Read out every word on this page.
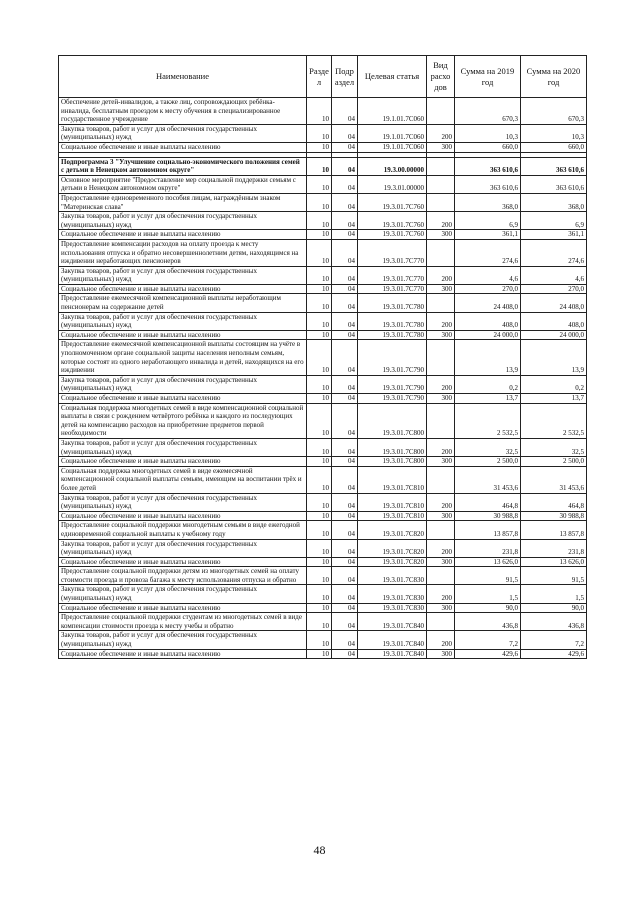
Наименование	Разде л	Подр аздел	Целевая статья	Вид расхо дов	Сумма на 2019 год	Сумма на 2020 год
Обеспечение детей-инвалидов, а также лиц, сопровождающих ребёнка-инвалида, бесплатным проездом к месту обучения в специализированное государственное учреждение	10	04	19.1.01.7С060		670,3	670,3
Закупка товаров, работ и услуг для обеспечения государственных (муниципальных) нужд	10	04	19.1.01.7С060	200	10,3	10,3
Социальное обеспечение и иные выплаты населению	10	04	19.1.01.7С060	300	660,0	660,0

Подпрограмма 3 "Улучшение социально-экономического положения семей с детьми в Ненецком автономном округе"	10	04	19.3.00.00000		363 610,6	363 610,6
Основное мероприятие "Предоставление мер социальной поддержки семьям с детьми в Ненецком автономном округе"	10	04	19.3.01.00000		363 610,6	363 610,6
Предоставление единовременного пособия лицам, награждённым знаком "Материнская слава"	10	04	19.3.01.7С760		368,0	368,0
Закупка товаров, работ и услуг для обеспечения государственных (муниципальных) нужд	10	04	19.3.01.7С760	200	6,9	6,9
Социальное обеспечение и иные выплаты населению	10	04	19.3.01.7С760	300	361,1	361,1
Предоставление компенсации расходов на оплату проезда к месту использования отпуска и обратно несовершеннолетним детям, находящимся на иждивении неработающих пенсионеров	10	04	19.3.01.7С770		274,6	274,6
Закупка товаров, работ и услуг для обеспечения государственных (муниципальных) нужд	10	04	19.3.01.7С770	200	4,6	4,6
Социальное обеспечение и иные выплаты населению	10	04	19.3.01.7С770	300	270,0	270,0
Предоставление ежемесячной компенсационной выплаты неработающим пенсионерам на содержание детей	10	04	19.3.01.7С780		24 408,0	24 408,0
Закупка товаров, работ и услуг для обеспечения государственных (муниципальных) нужд	10	04	19.3.01.7С780	200	408,0	408,0
Социальное обеспечение и иные выплаты населению	10	04	19.3.01.7С780	300	24 000,0	24 000,0
Предоставление ежемесячной компенсационной выплаты состоящим на учёте в уполномоченном органе социальной защиты населения неполным семьям, которые состоят из одного неработающего инвалида и детей, находящихся на его иждивении	10	04	19.3.01.7С790		13,9	13,9
Закупка товаров, работ и услуг для обеспечения государственных (муниципальных) нужд	10	04	19.3.01.7С790	200	0,2	0,2
Социальное обеспечение и иные выплаты населению	10	04	19.3.01.7С790	300	13,7	13,7
Социальная поддержка многодетных семей в виде компенсационной социальной выплаты в связи с рождением четвёртого ребёнка и каждого из последующих детей на компенсацию расходов на приобретение предметов первой необходимости	10	04	19.3.01.7С800		2 532,5	2 532,5
Закупка товаров, работ и услуг для обеспечения государственных (муниципальных) нужд	10	04	19.3.01.7С800	200	32,5	32,5
Социальное обеспечение и иные выплаты населению	10	04	19.3.01.7С800	300	2 500,0	2 500,0
Социальная поддержка многодетных семей в виде ежемесячной компенсационной социальной выплаты семьям, имеющим на воспитании трёх и более детей	10	04	19.3.01.7С810		31 453,6	31 453,6
Закупка товаров, работ и услуг для обеспечения государственных (муниципальных) нужд	10	04	19.3.01.7С810	200	464,8	464,8
Социальное обеспечение и иные выплаты населению	10	04	19.3.01.7С810	300	30 988,8	30 988,8
Предоставление социальной поддержки многодетным семьям в виде ежегодной единовременной социальной выплаты к учебному году	10	04	19.3.01.7С820		13 857,8	13 857,8
Закупка товаров, работ и услуг для обеспечения государственных (муниципальных) нужд	10	04	19.3.01.7С820	200	231,8	231,8
Социальное обеспечение и иные выплаты населению	10	04	19.3.01.7С820	300	13 626,0	13 626,0
Предоставление социальной поддержки детям из многодетных семей на оплату стоимости проезда и провоза багажа к месту использования отпуска и обратно	10	04	19.3.01.7С830		91,5	91,5
Закупка товаров, работ и услуг для обеспечения государственных (муниципальных) нужд	10	04	19.3.01.7С830	200	1,5	1,5
Социальное обеспечение и иные выплаты населению	10	04	19.3.01.7С830	300	90,0	90,0
Предоставление социальной поддержки студентам из многодетных семей в виде компенсации стоимости проезда к месту учебы и обратно	10	04	19.3.01.7С840		436,8	436,8
Закупка товаров, работ и услуг для обеспечения государственных (муниципальных) нужд	10	04	19.3.01.7С840	200	7,2	7,2
Социальное обеспечение и иные выплаты населению	10	04	19.3.01.7С840	300	429,6	429,6
48
